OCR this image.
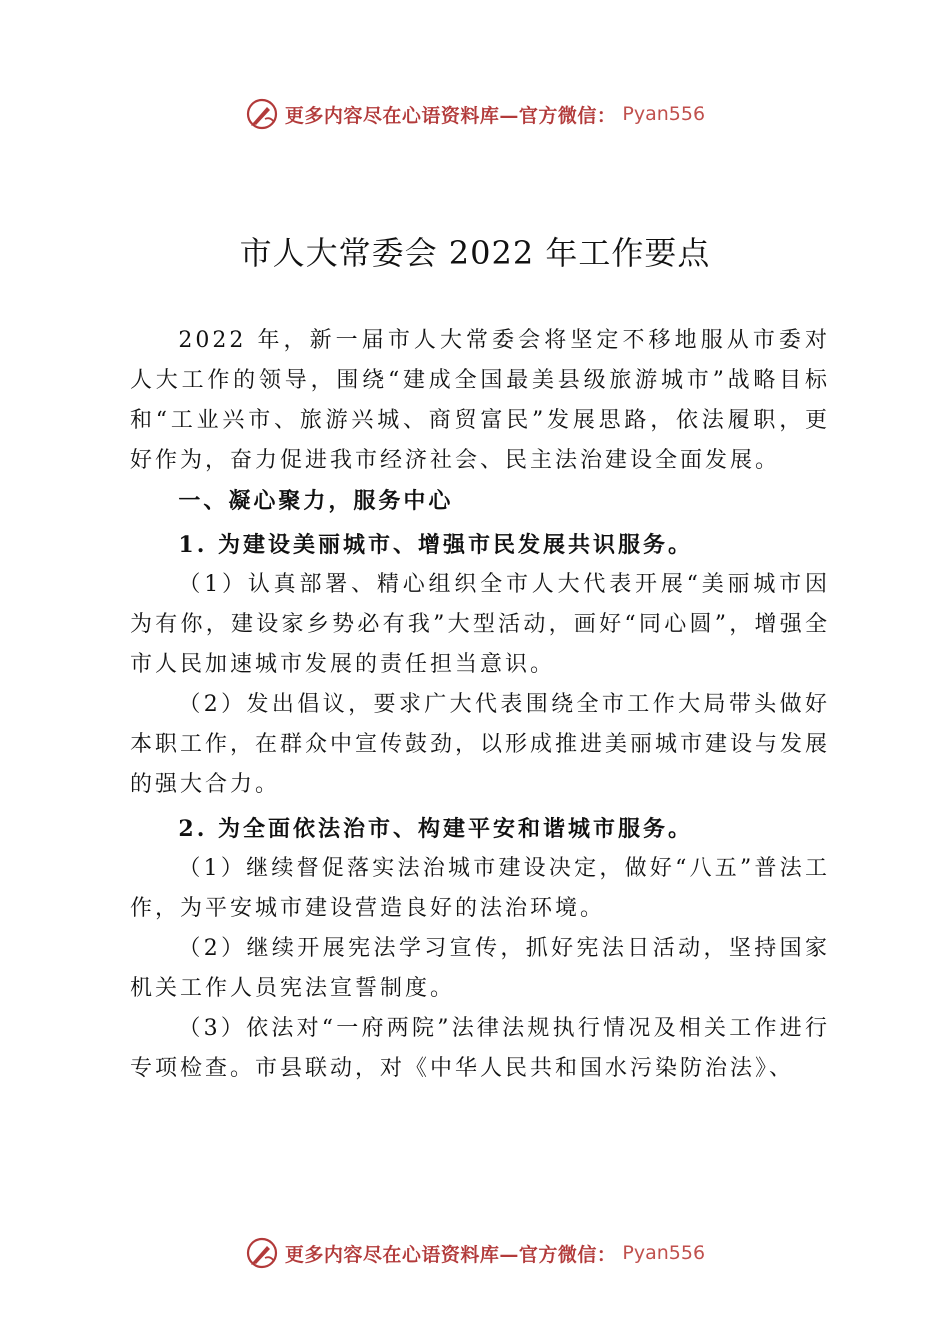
更多内容尽在心语资料库—官方微信： Pyan556
市人大常委会 2022 年工作要点

2022 年，新一届市人大常委会将坚定不移地服从市委对人大工作的领导，围绕“建成全国最美县级旅游城市”战略目标和“工业兴市、旅游兴城、商贸富民”发展思路，依法履职，更好作为，奋力促进我市经济社会、民主法治建设全面发展。

一、凝心聚力，服务中心

1. 为建设美丽城市、增强市民发展共识服务。

（1）认真部署、精心组织全市人大代表开展“美丽城市因为有你，建设家乡势必有我”大型活动，画好“同心圆”，增强全市人民加速城市发展的责任担当意识。

（2）发出倡议，要求广大代表围绕全市工作大局带头做好本职工作，在群众中宣传鼓劲，以形成推进美丽城市建设与发展的强大合力。

2. 为全面依法治市、构建平安和谐城市服务。

（1）继续督促落实法治城市建设决定，做好“八五”普法工作，为平安城市建设营造良好的法治环境。

（2）继续开展宪法学习宣传，抓好宪法日活动，坚持国家机关工作人员宪法宣誓制度。

（3）依法对“一府两院”法律法规执行情况及相关工作进行专项检查。市县联动，对《中华人民共和国水污染防治法》、

更多内容尽在心语资料库—官方微信： Pyan556
